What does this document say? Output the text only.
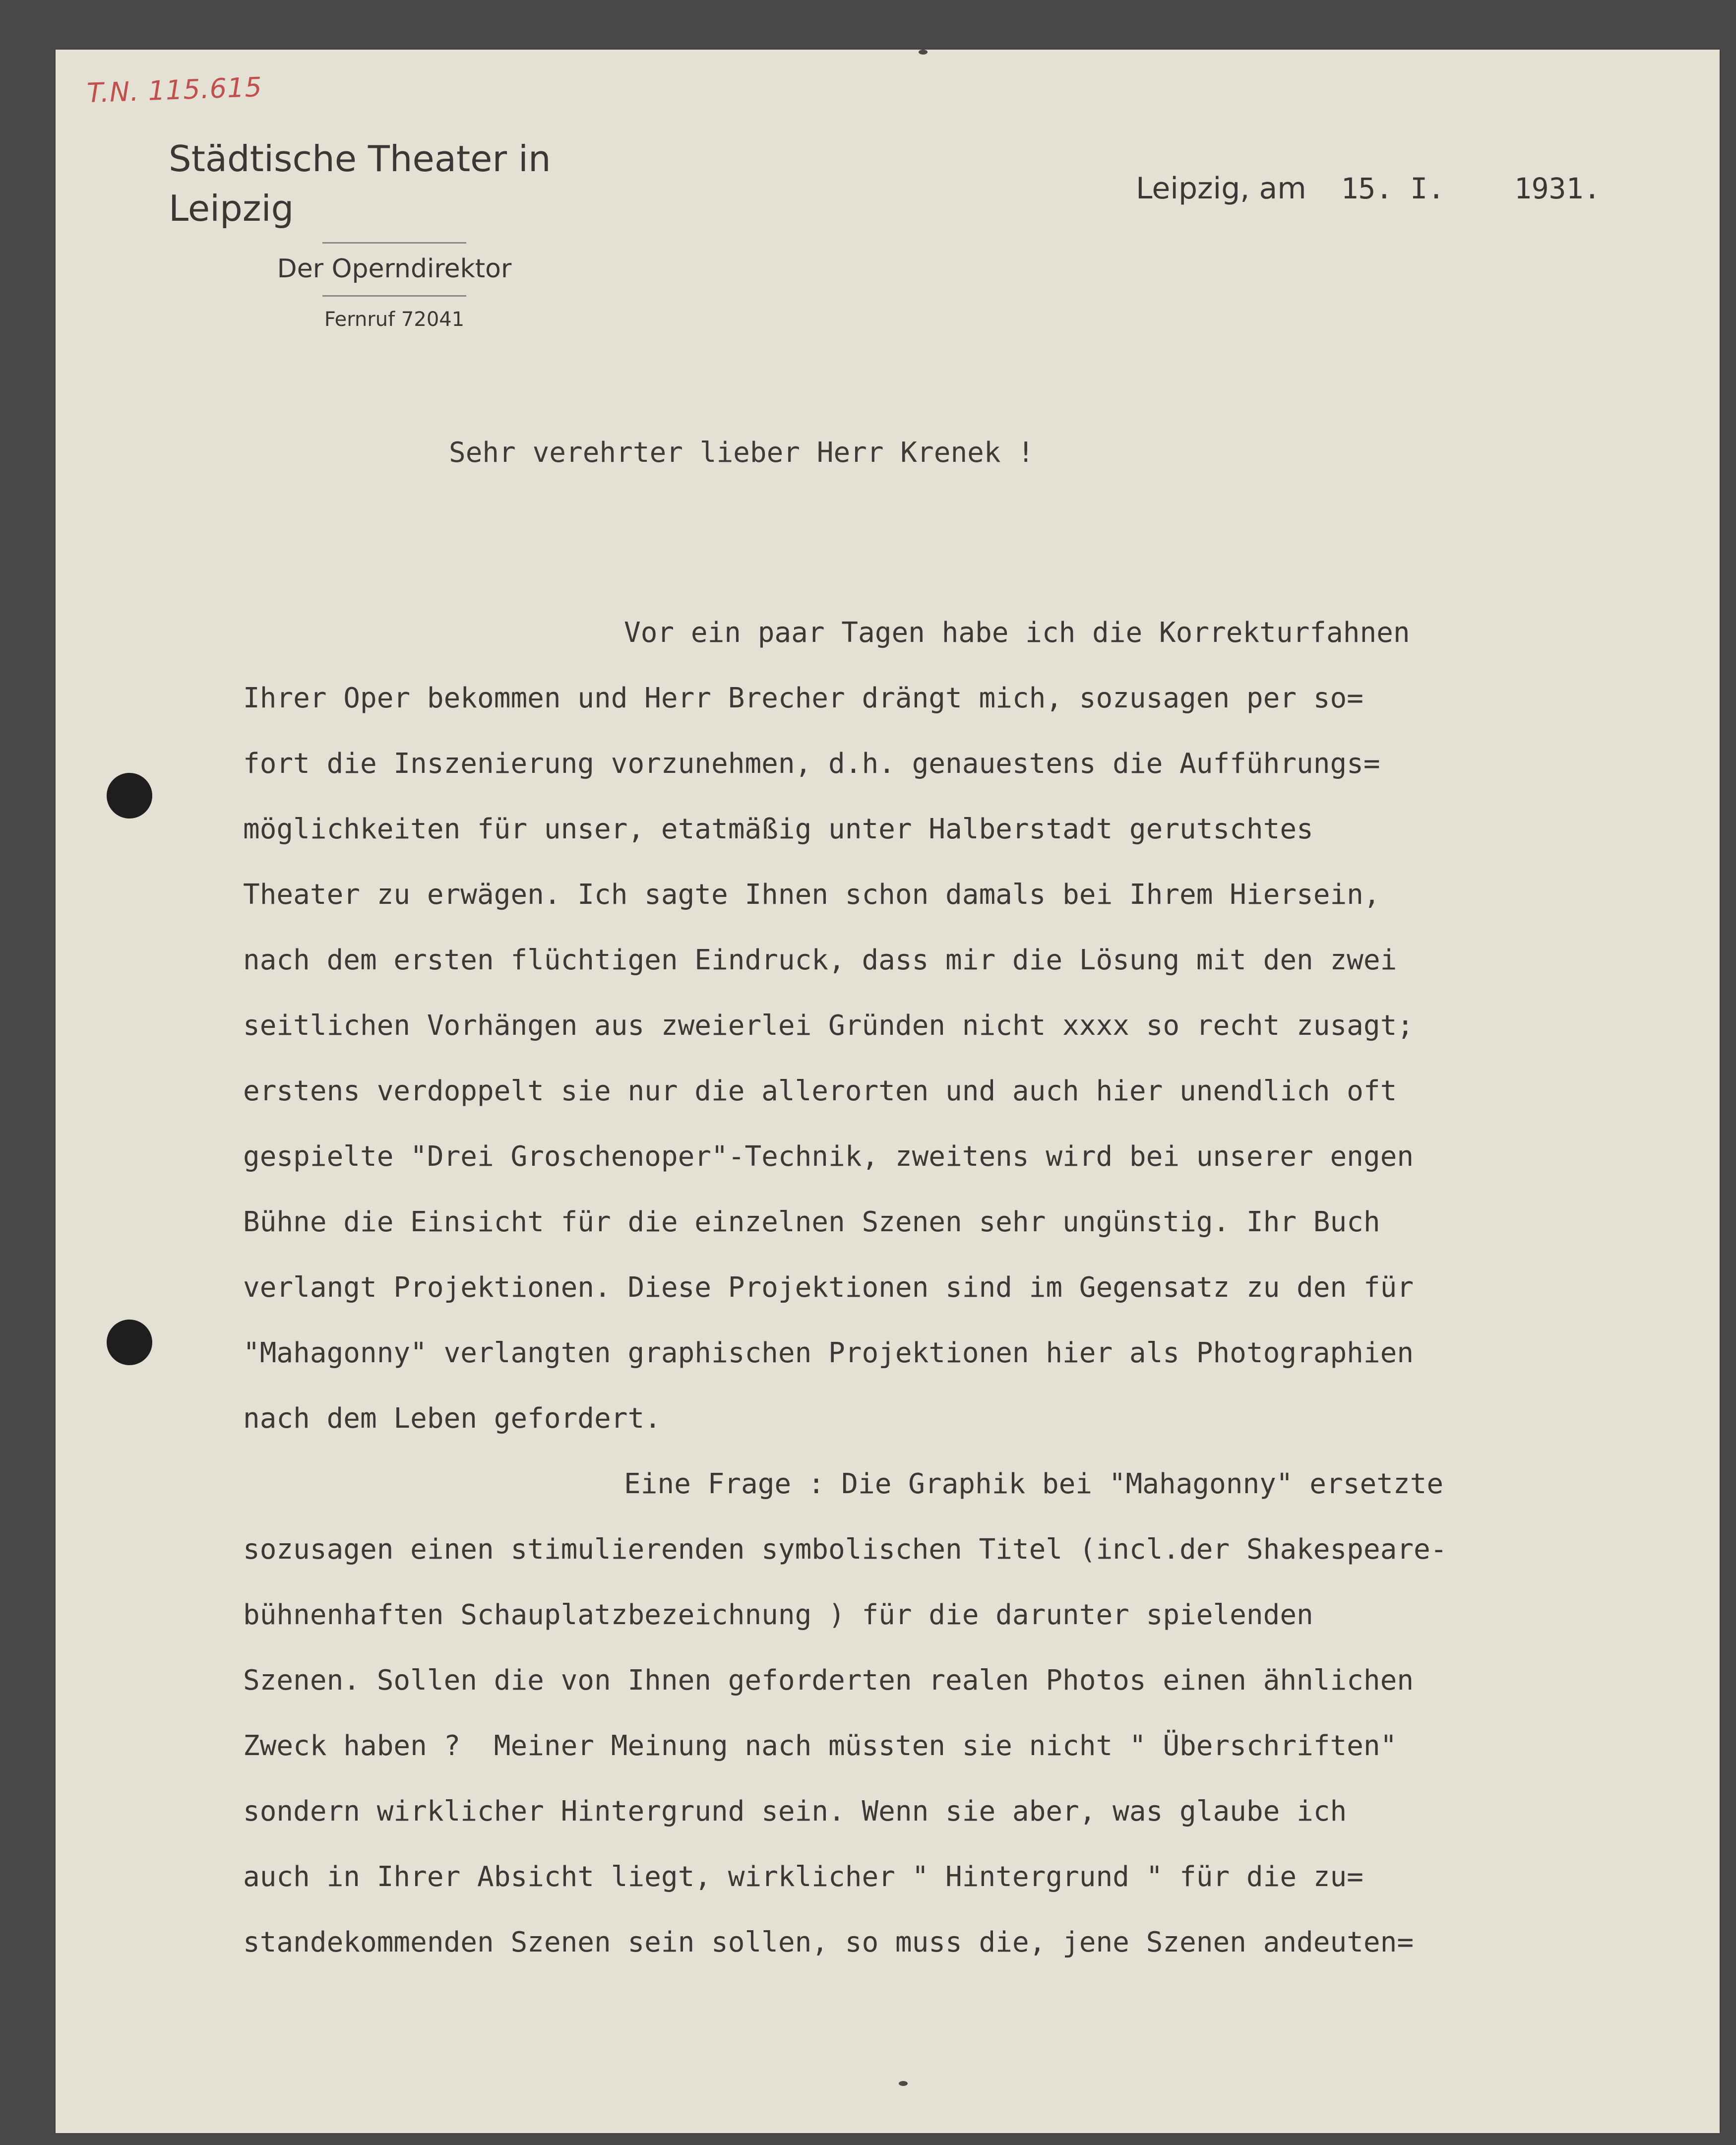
T.N. 115.615
Städtische Theater in Leipzig
Der Operndirektor
Fernruf 72041
Leipzig, am 15. I. 1931.
Sehr verehrter lieber Herr Krenek !
Vor ein paar Tagen habe ich die Korrekturfahnen
Ihrer Oper bekommen und Herr Brecher drängt mich, sozusagen per so=
fort die Inszenierung vorzunehmen, d.h. genauestens die Aufführungs=
möglichkeiten für unser, etatmäßig unter Halberstadt gerutschtes
Theater zu erwägen. Ich sagte Ihnen schon damals bei Ihrem Hiersein,
nach dem ersten flüchtigen Eindruck, dass mir die Lösung mit den zwei
seitlichen Vorhängen aus zweierlei Gründen nicht xxxx so recht zusagt;
erstens verdoppelt sie nur die allerorten und auch hier unendlich oft
gespielte "Drei Groschenoper"-Technik, zweitens wird bei unserer engen
Bühne die Einsicht für die einzelnen Szenen sehr ungünstig. Ihr Buch
verlangt Projektionen. Diese Projektionen sind im Gegensatz zu den für
"Mahagonny" verlangten graphischen Projektionen hier als Photographien
nach dem Leben gefordert.
Eine Frage : Die Graphik bei "Mahagonny" ersetzte
sozusagen einen stimulierenden symbolischen Titel (incl.der Shakespeare-
bühnenhaften Schauplatzbezeichnung ) für die darunter spielenden
Szenen. Sollen die von Ihnen geforderten realen Photos einen ähnlichen
Zweck haben ?  Meiner Meinung nach müssten sie nicht " Überschriften"
sondern wirklicher Hintergrund sein. Wenn sie aber, was glaube ich
auch in Ihrer Absicht liegt, wirklicher " Hintergrund " für die zu=
standekommenden Szenen sein sollen, so muss die, jene Szenen andeuten=
